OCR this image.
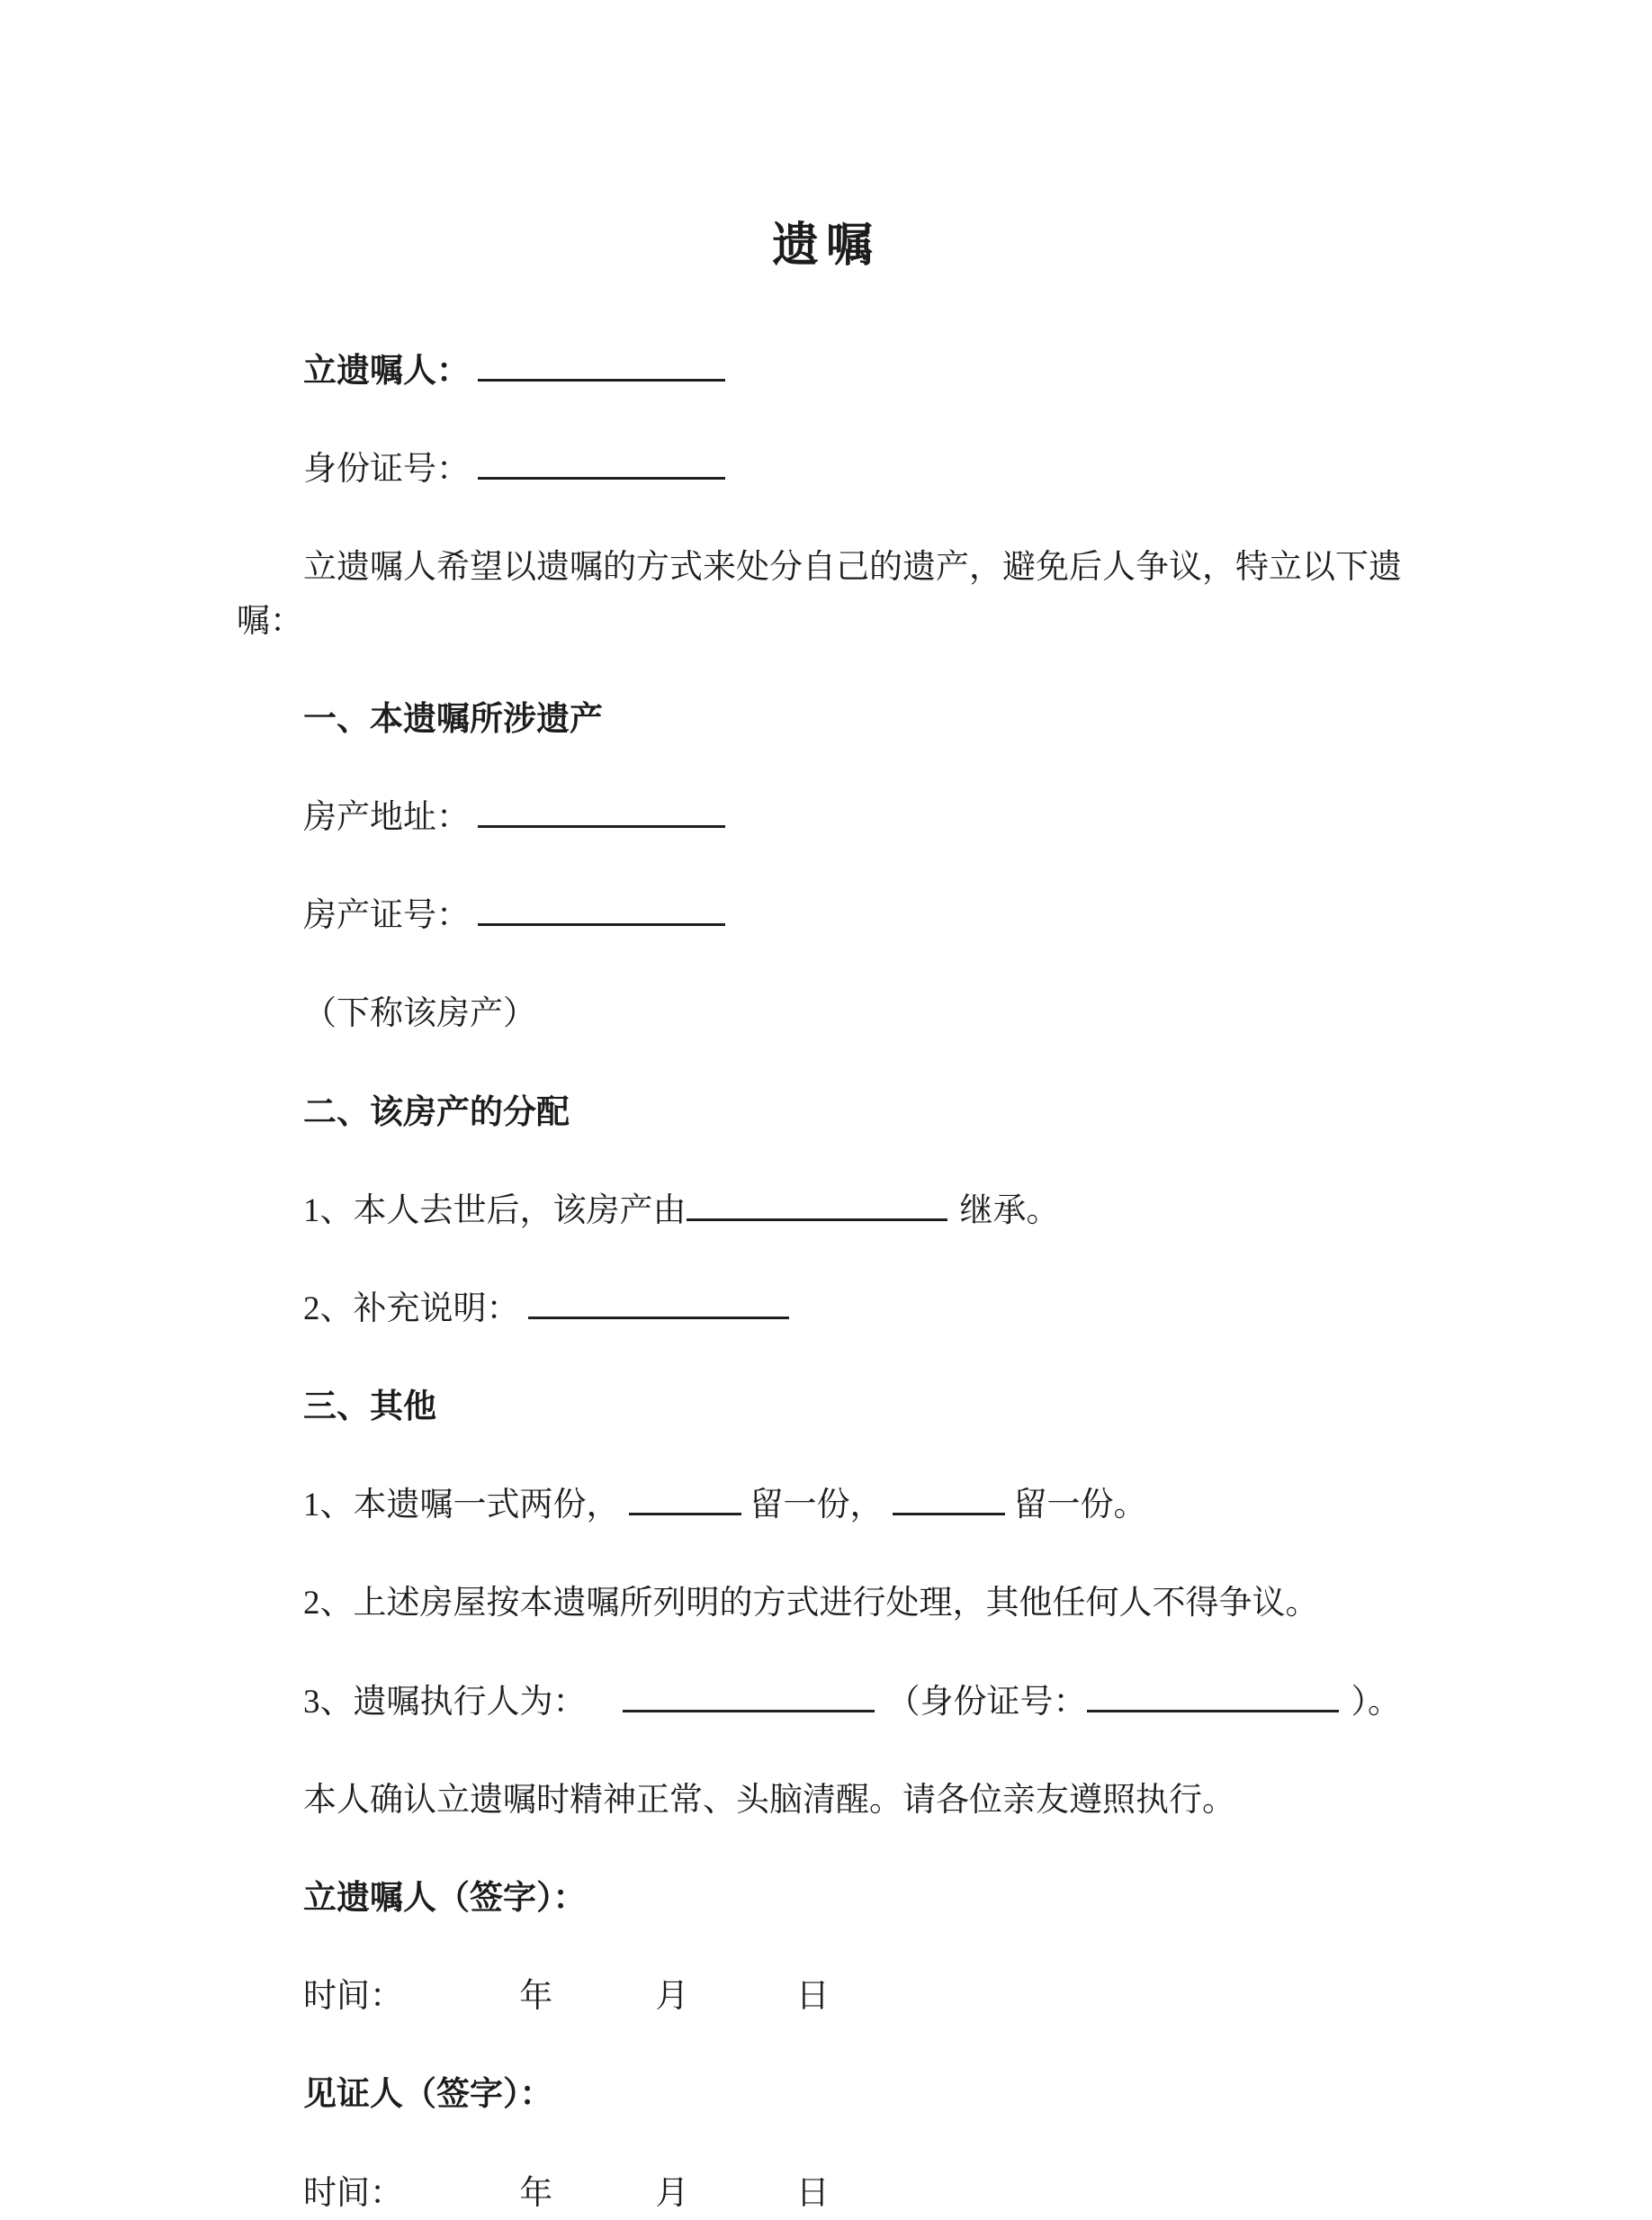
遗嘱

立遗嘱人：

身份证号：

立遗嘱人希望以遗嘱的方式来处分自己的遗产，避免后人争议，特立以下遗嘱：

一、本遗嘱所涉遗产

房产地址：

房产证号：

（下称该房产）

二、该房产的分配

1、本人去世后，该房产由	继承。

2、补充说明：

三、其他

1、本遗嘱一式两份，	留一份，	留一份。

2、上述房屋按本遗嘱所列明的方式进行处理，其他任何人不得争议。

3、遗嘱执行人为：	（身份证号：	）。

本人确认立遗嘱时精神正常、头脑清醒。请各位亲友遵照执行。

立遗嘱人（签字）：

时间：	年	月	日

见证人（签字）：

时间：	年	月	日
